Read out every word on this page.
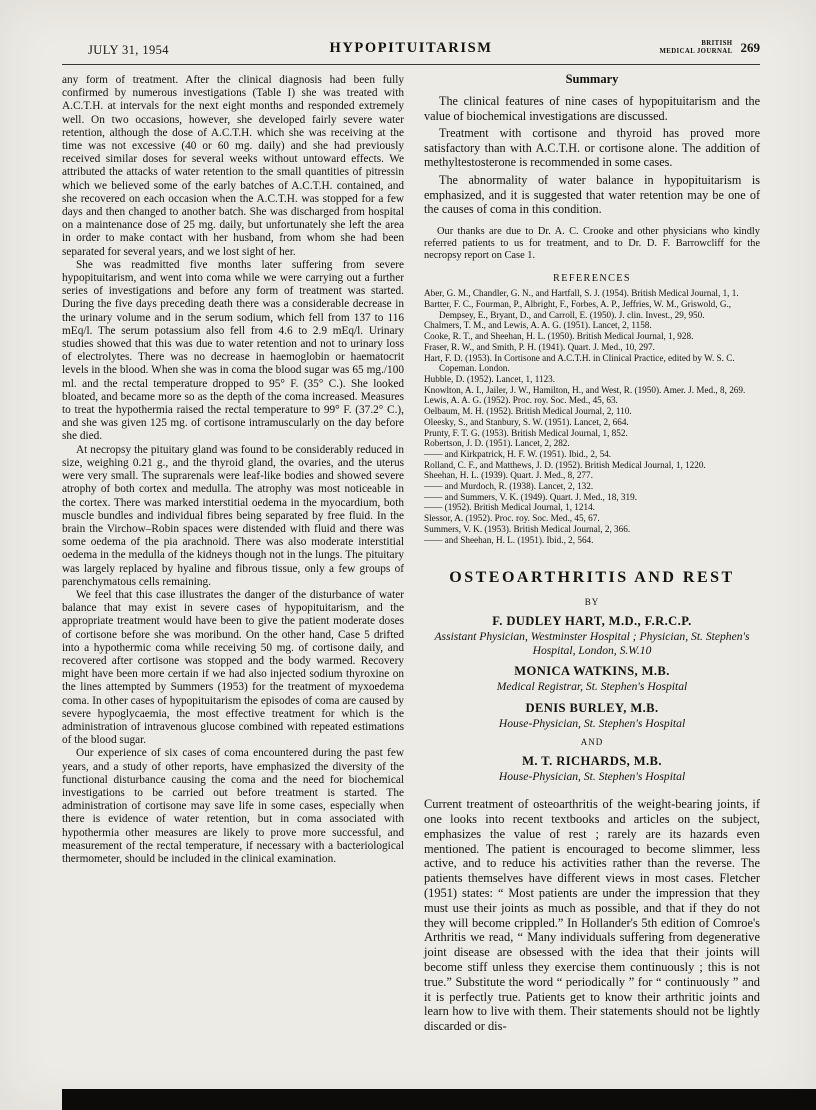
JULY 31, 1954	HYPOPITUITARISM	BRITISH
MEDICAL JOURNAL 269

any form of treatment. After the clinical diagnosis had been fully confirmed by numerous investigations (Table I) she was treated with A.C.T.H. at intervals for the next eight months and responded extremely well. On two occasions, however, she developed fairly severe water retention, although the dose of A.C.T.H. which she was receiving at the time was not excessive (40 or 60 mg. daily) and she had previously received similar doses for several weeks without untoward effects. We attributed the attacks of water retention to the small quantities of pitressin which we believed some of the early batches of A.C.T.H. contained, and she recovered on each occasion when the A.C.T.H. was stopped for a few days and then changed to another batch. She was discharged from hospital on a maintenance dose of 25 mg. daily, but unfortunately she left the area in order to make contact with her husband, from whom she had been separated for several years, and we lost sight of her.

She was readmitted five months later suffering from severe hypopituitarism, and went into coma while we were carrying out a further series of investigations and before any form of treatment was started. During the five days preceding death there was a considerable decrease in the urinary volume and in the serum sodium, which fell from 137 to 116 mEq/l. The serum potassium also fell from 4.6 to 2.9 mEq/l. Urinary studies showed that this was due to water retention and not to urinary loss of electrolytes. There was no decrease in haemoglobin or haematocrit levels in the blood. When she was in coma the blood sugar was 65 mg./100 ml. and the rectal temperature dropped to 95° F. (35° C.). She looked bloated, and became more so as the depth of the coma increased. Measures to treat the hypothermia raised the rectal temperature to 99° F. (37.2° C.), and she was given 125 mg. of cortisone intramuscularly on the day before she died.

At necropsy the pituitary gland was found to be considerably reduced in size, weighing 0.21 g., and the thyroid gland, the ovaries, and the uterus were very small. The suprarenals were leaf-like bodies and showed severe atrophy of both cortex and medulla. The atrophy was most noticeable in the cortex. There was marked interstitial oedema in the myocardium, both muscle bundles and individual fibres being separated by free fluid. In the brain the Virchow–Robin spaces were distended with fluid and there was some oedema of the pia arachnoid. There was also moderate interstitial oedema in the medulla of the kidneys though not in the lungs. The pituitary was largely replaced by hyaline and fibrous tissue, only a few groups of parenchymatous cells remaining.

We feel that this case illustrates the danger of the disturbance of water balance that may exist in severe cases of hypopituitarism, and the appropriate treatment would have been to give the patient moderate doses of cortisone before she was moribund. On the other hand, Case 5 drifted into a hypothermic coma while receiving 50 mg. of cortisone daily, and recovered after cortisone was stopped and the body warmed. Recovery might have been more certain if we had also injected sodium thyroxine on the lines attempted by Summers (1953) for the treatment of myxoedema coma. In other cases of hypopituitarism the episodes of coma are caused by severe hypoglycaemia, the most effective treatment for which is the administration of intravenous glucose combined with repeated estimations of the blood sugar.

Our experience of six cases of coma encountered during the past few years, and a study of other reports, have emphasized the diversity of the functional disturbance causing the coma and the need for biochemical investigations to be carried out before treatment is started. The administration of cortisone may save life in some cases, especially when there is evidence of water retention, but in coma associated with hypothermia other measures are likely to prove more successful, and measurement of the rectal temperature, if necessary with a bacteriological thermometer, should be included in the clinical examination.

Summary

The clinical features of nine cases of hypopituitarism and the value of biochemical investigations are discussed.

Treatment with cortisone and thyroid has proved more satisfactory than with A.C.T.H. or cortisone alone. The addition of methyltestosterone is recommended in some cases.

The abnormality of water balance in hypopituitarism is emphasized, and it is suggested that water retention may be one of the causes of coma in this condition.

Our thanks are due to Dr. A. C. Crooke and other physicians who kindly referred patients to us for treatment, and to Dr. D. F. Barrowcliff for the necropsy report on Case 1.

REFERENCES

Aber, G. M., Chandler, G. N., and Hartfall, S. J. (1954). British Medical Journal, 1, 1.

Bartter, F. C., Fourman, P., Albright, F., Forbes, A. P., Jeffries, W. M., Griswold, G., Dempsey, E., Bryant, D., and Carroll, E. (1950). J. clin. Invest., 29, 950.

Chalmers, T. M., and Lewis, A. A. G. (1951). Lancet, 2, 1158.

Cooke, R. T., and Sheehan, H. L. (1950). British Medical Journal, 1, 928.

Fraser, R. W., and Smith, P. H. (1941). Quart. J. Med., 10, 297.

Hart, F. D. (1953). In Cortisone and A.C.T.H. in Clinical Practice, edited by W. S. C. Copeman. London.

Hubble, D. (1952). Lancet, 1, 1123.

Knowlton, A. I., Jailer, J. W., Hamilton, H., and West, R. (1950). Amer. J. Med., 8, 269.

Lewis, A. A. G. (1952). Proc. roy. Soc. Med., 45, 63.

Oelbaum, M. H. (1952). British Medical Journal, 2, 110.

Oleesky, S., and Stanbury, S. W. (1951). Lancet, 2, 664.

Prunty, F. T. G. (1953). British Medical Journal, 1, 852.

Robertson, J. D. (1951). Lancet, 2, 282.

—— and Kirkpatrick, H. F. W. (1951). Ibid., 2, 54.

Rolland, C. F., and Matthews, J. D. (1952). British Medical Journal, 1, 1220.

Sheehan, H. L. (1939). Quart. J. Med., 8, 277.

—— and Murdoch, R. (1938). Lancet, 2, 132.

—— and Summers, V. K. (1949). Quart. J. Med., 18, 319.

—— (1952). British Medical Journal, 1, 1214.

Slessor, A. (1952). Proc. roy. Soc. Med., 45, 67.

Summers, V. K. (1953). British Medical Journal, 2, 366.

—— and Sheehan, H. L. (1951). Ibid., 2, 564.

OSTEOARTHRITIS AND REST
BY
F. DUDLEY HART, M.D., F.R.C.P.
Assistant Physician, Westminster Hospital ; Physician, St. Stephen's Hospital, London, S.W.10
MONICA WATKINS, M.B.
Medical Registrar, St. Stephen's Hospital
DENIS BURLEY, M.B.
House-Physician, St. Stephen's Hospital
AND
M. T. RICHARDS, M.B.
House-Physician, St. Stephen's Hospital

Current treatment of osteoarthritis of the weight-bearing joints, if one looks into recent textbooks and articles on the subject, emphasizes the value of rest ; rarely are its hazards even mentioned. The patient is encouraged to become slimmer, less active, and to reduce his activities rather than the reverse. The patients themselves have different views in most cases. Fletcher (1951) states: “ Most patients are under the impression that they must use their joints as much as possible, and that if they do not they will become crippled.” In Hollander's 5th edition of Comroe's Arthritis we read, “ Many individuals suffering from degenerative joint disease are obsessed with the idea that their joints will become stiff unless they exercise them continuously ; this is not true.” Substitute the word “ periodically ” for “ continuously ” and it is perfectly true. Patients get to know their arthritic joints and learn how to live with them. Their statements should not be lightly discarded or dis-
